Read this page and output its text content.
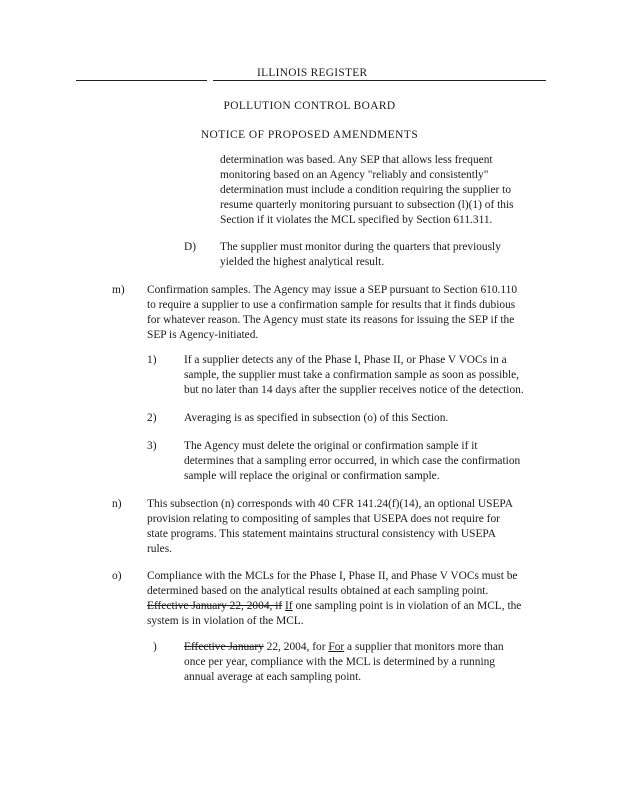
ILLINOIS REGISTER
POLLUTION CONTROL BOARD
NOTICE OF PROPOSED AMENDMENTS
determination was based. Any SEP that allows less frequent
monitoring based on an Agency "reliably and consistently"
determination must include a condition requiring the supplier to
resume quarterly monitoring pursuant to subsection (l)(1) of this
Section if it violates the MCL specified by Section 611.311.
D) The supplier must monitor during the quarters that previously
yielded the highest analytical result.
m) Confirmation samples. The Agency may issue a SEP pursuant to Section 610.110
to require a supplier to use a confirmation sample for results that it finds dubious
for whatever reason. The Agency must state its reasons for issuing the SEP if the
SEP is Agency-initiated.
1) If a supplier detects any of the Phase I, Phase II, or Phase V VOCs in a
sample, the supplier must take a confirmation sample as soon as possible,
but no later than 14 days after the supplier receives notice of the detection.
2) Averaging is as specified in subsection (o) of this Section.
3) The Agency must delete the original or confirmation sample if it
determines that a sampling error occurred, in which case the confirmation
sample will replace the original or confirmation sample.
n) This subsection (n) corresponds with 40 CFR 141.24(f)(14), an optional USEPA
provision relating to compositing of samples that USEPA does not require for
state programs. This statement maintains structural consistency with USEPA
rules.
o) Compliance with the MCLs for the Phase I, Phase II, and Phase V VOCs must be
determined based on the analytical results obtained at each sampling point.
Effective January 22, 2004, if If one sampling point is in violation of an MCL, the
system is in violation of the MCL.
) Effective January 22, 2004, for For a supplier that monitors more than
once per year, compliance with the MCL is determined by a running
annual average at each sampling point.
